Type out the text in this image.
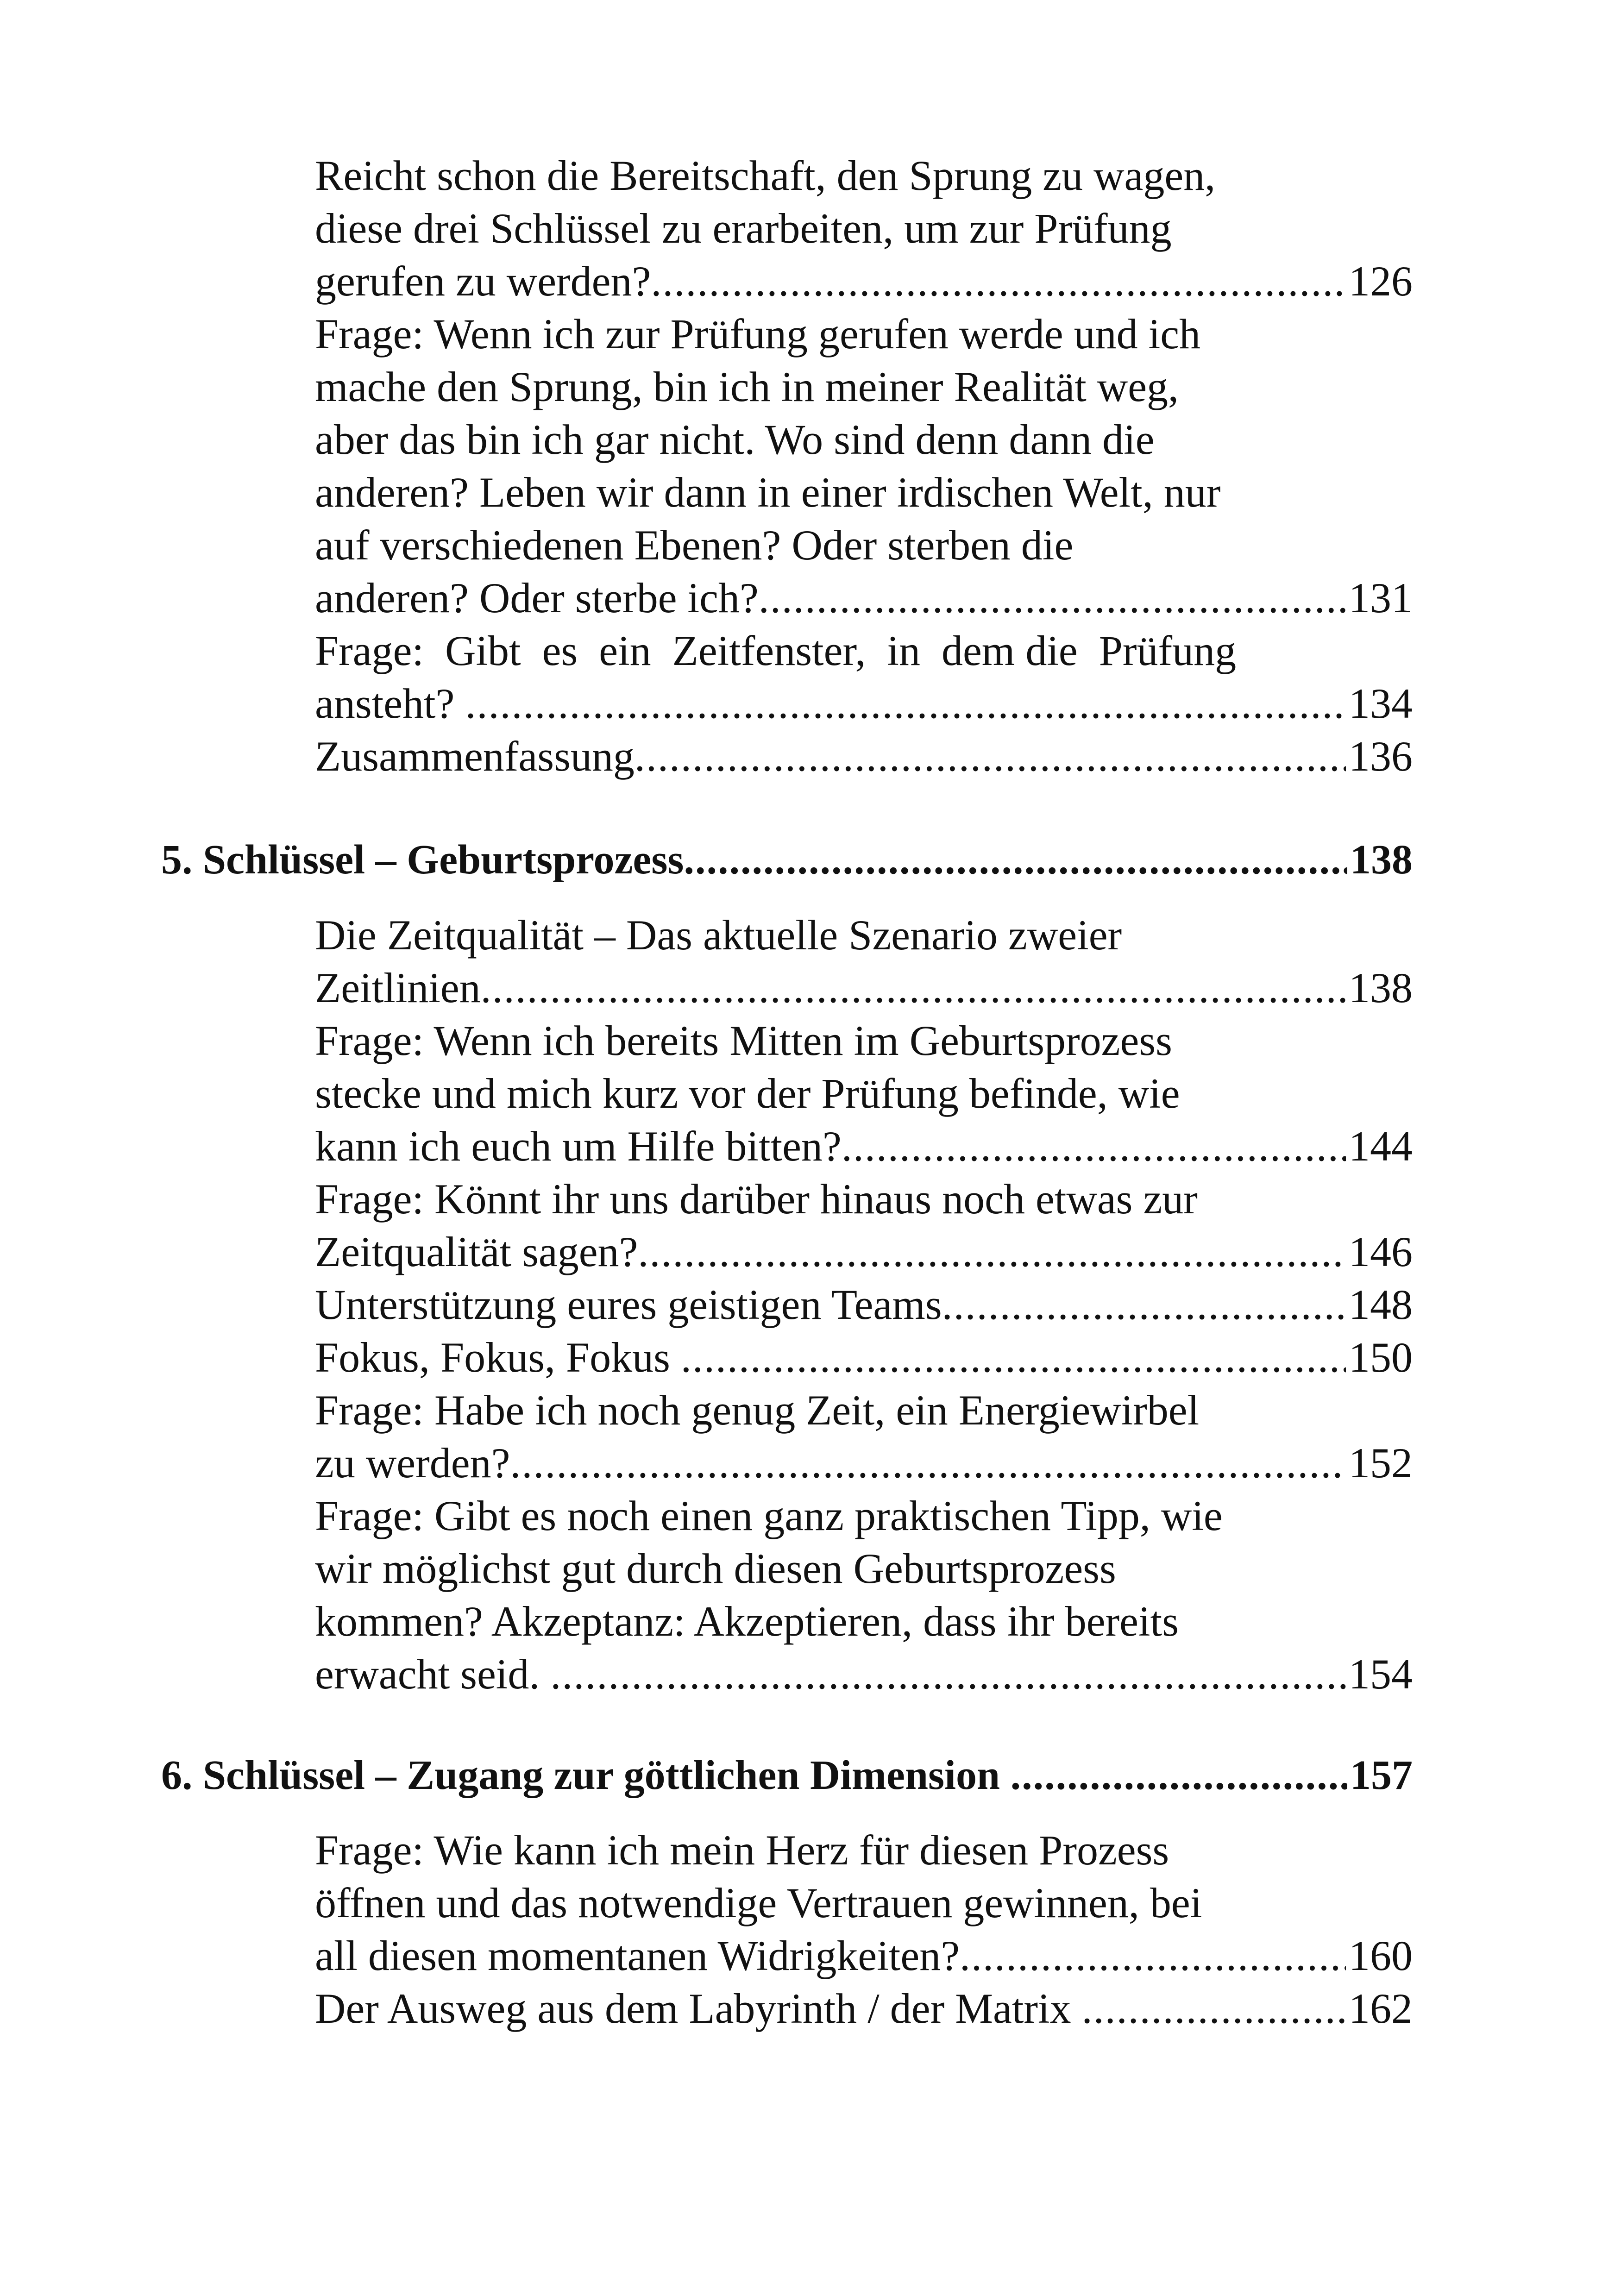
Reicht schon die Bereitschaft, den Sprung zu wagen,
diese drei Schlüssel zu erarbeiten, um zur Prüfung
gerufen zu werden? .....	126
Frage: Wenn ich zur Prüfung gerufen werde und ich
mache den Sprung, bin ich in meiner Realität weg,
aber das bin ich gar nicht. Wo sind denn dann die
anderen? Leben wir dann in einer irdischen Welt, nur
auf verschiedenen Ebenen? Oder sterben die
anderen? Oder sterbe ich? .....	131
Frage:  Gibt  es  ein  Zeitfenster,  in  dem die  Prüfung
ansteht? .....	134
Zusammenfassung .....	136
5. Schlüssel – Geburtsprozess .....	138
Die Zeitqualität – Das aktuelle Szenario zweier
Zeitlinien .....	138
Frage: Wenn ich bereits Mitten im Geburtsprozess
stecke und mich kurz vor der Prüfung befinde, wie
kann ich euch um Hilfe bitten? .....	144
Frage: Könnt ihr uns darüber hinaus noch etwas zur
Zeitqualität sagen? .....	146
Unterstützung eures geistigen Teams .....	148
Fokus, Fokus, Fokus .....	150
Frage: Habe ich noch genug Zeit, ein Energiewirbel
zu werden? .....	152
Frage: Gibt es noch einen ganz praktischen Tipp, wie
wir möglichst gut durch diesen Geburtsprozess
kommen? Akzeptanz: Akzeptieren, dass ihr bereits
erwacht seid. .....	154
6. Schlüssel – Zugang zur göttlichen Dimension .....	157
Frage: Wie kann ich mein Herz für diesen Prozess
öffnen und das notwendige Vertrauen gewinnen, bei
all diesen momentanen Widrigkeiten? .....	160
Der Ausweg aus dem Labyrinth / der Matrix .....	162
